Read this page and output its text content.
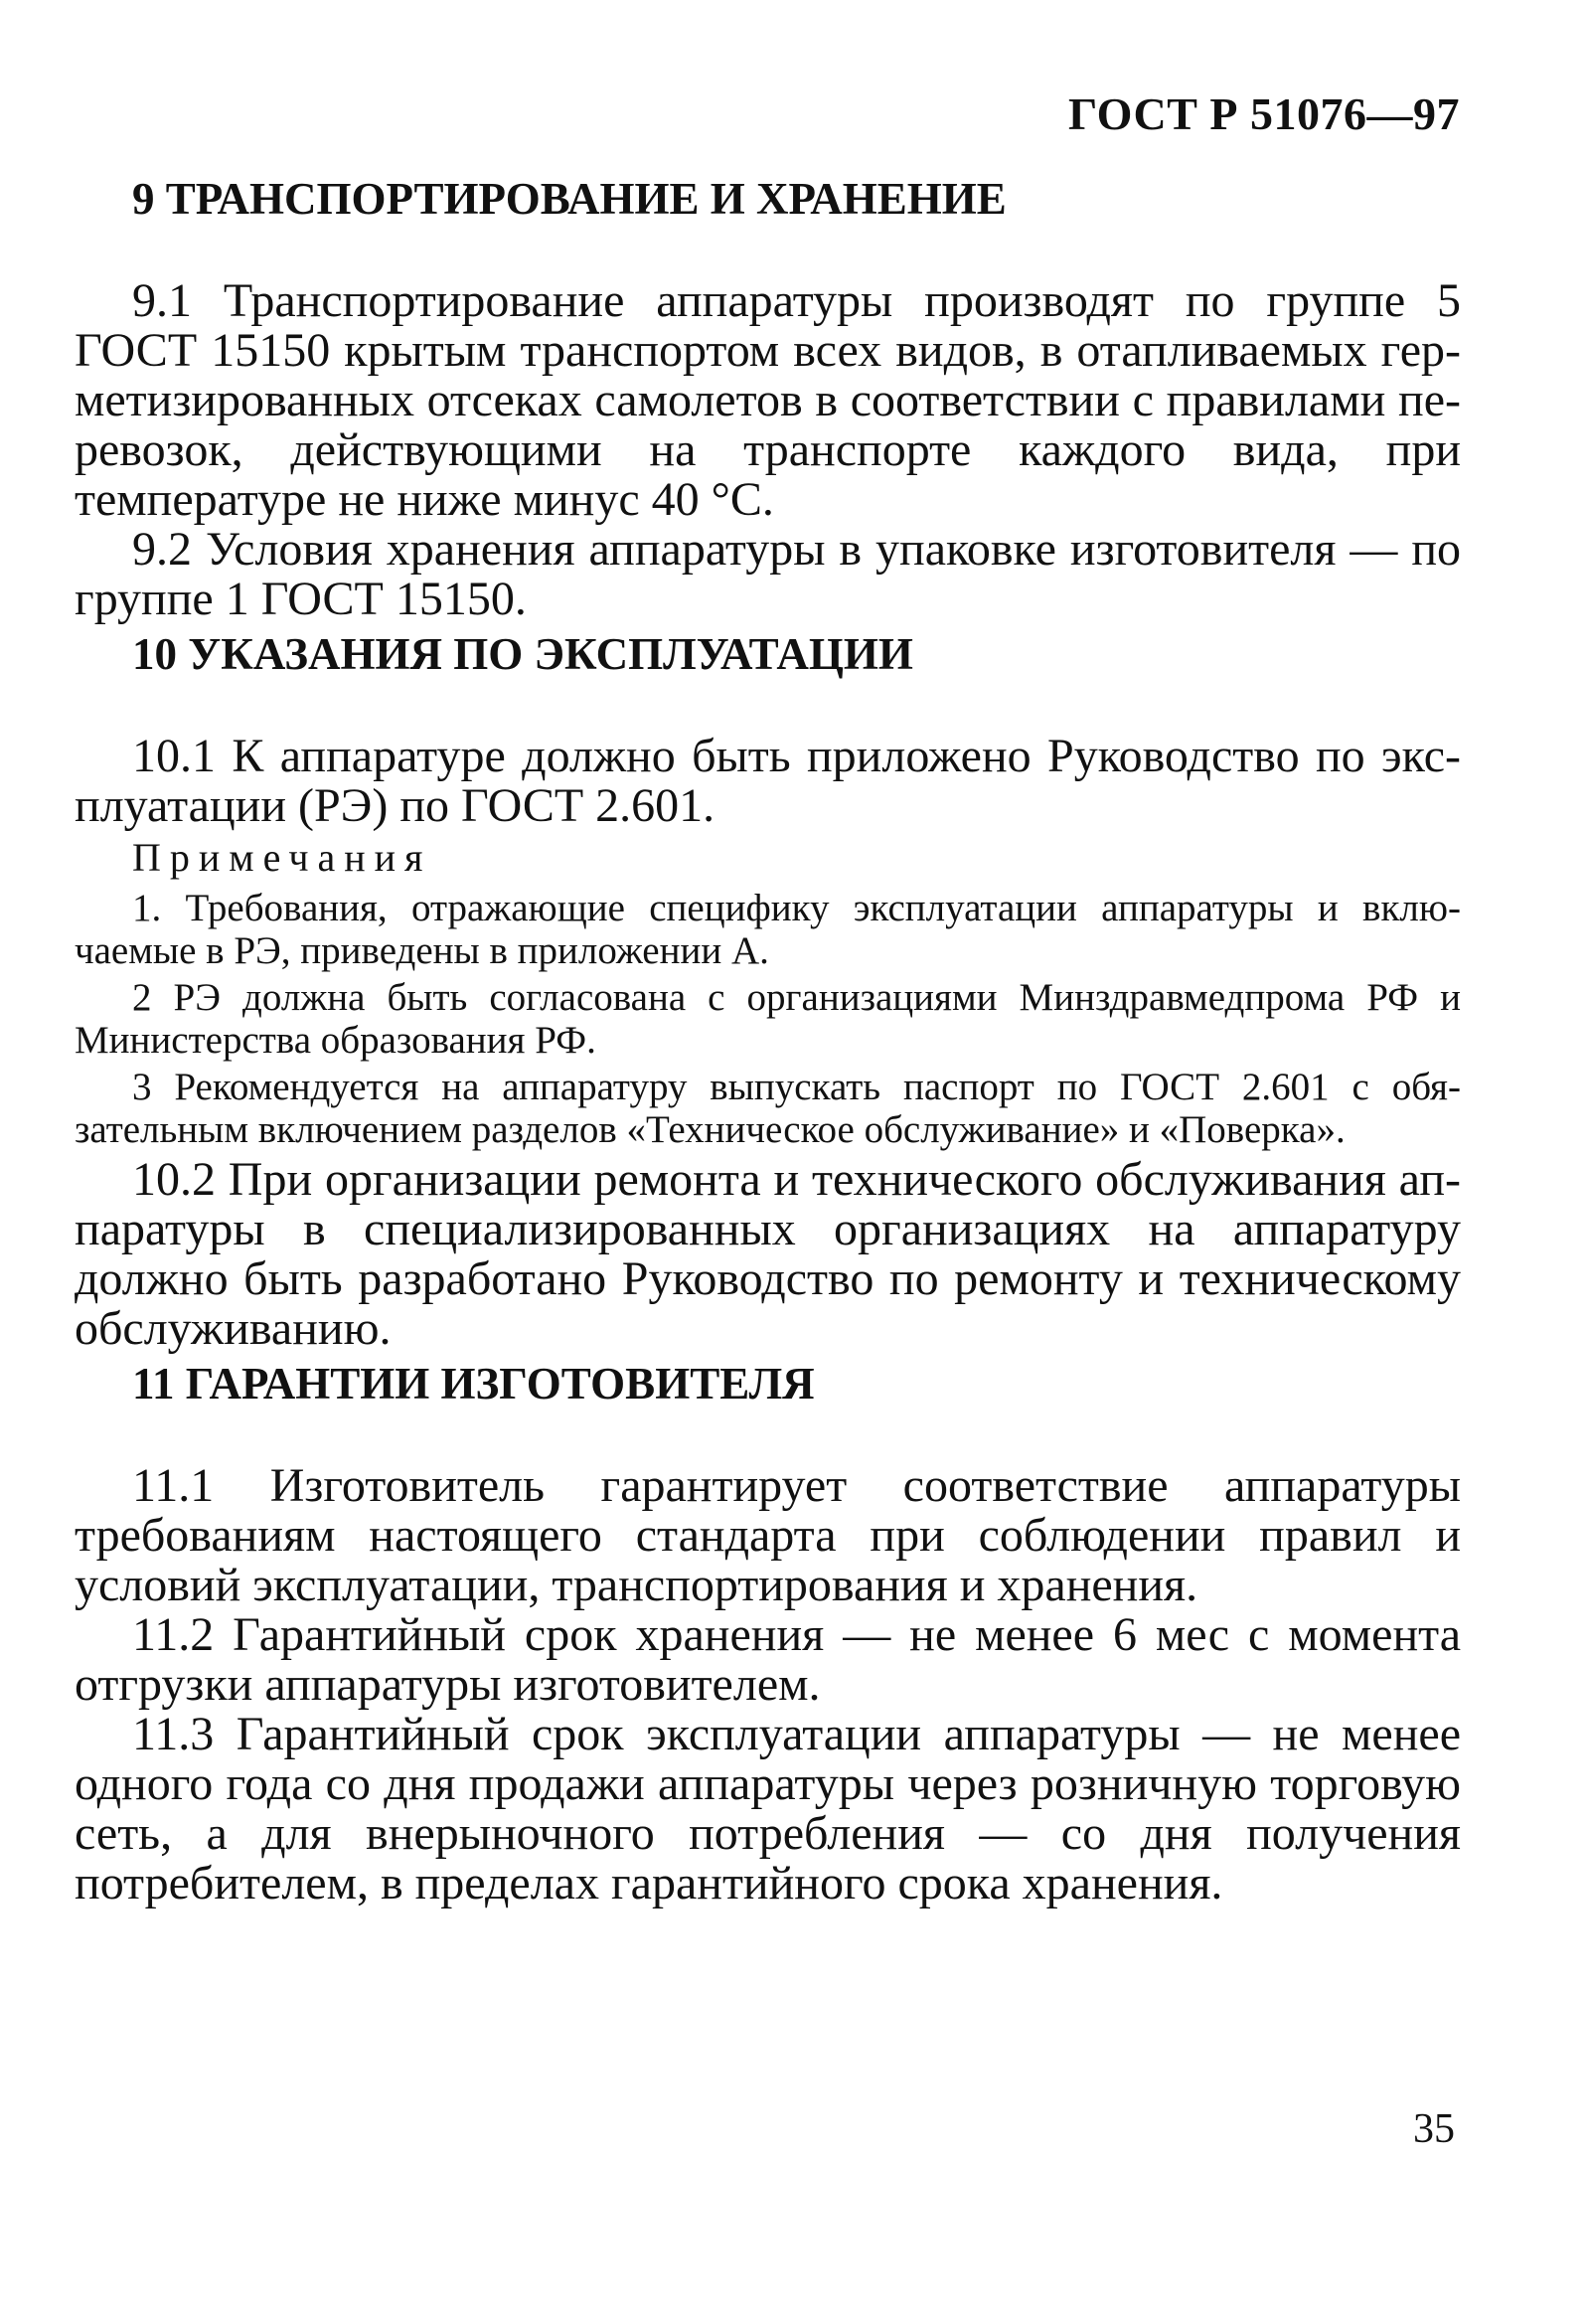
ГОСТ Р 51076—97
9 ТРАНСПОРТИРОВАНИЕ И ХРАНЕНИЕ

9.1 Транспортирование аппаратуры производят по группе 5 ГОСТ 15150 крытым транспортом всех видов, в отапливаемых герметизированных отсеках самолетов в соответствии с правилами перевозок, действующими на транспорте каждого вида, при температуре не ниже минус 40 °С.

9.2 Условия хранения аппаратуры в упаковке изготовителя — по группе 1 ГОСТ 15150.

10 УКАЗАНИЯ ПО ЭКСПЛУАТАЦИИ

10.1 К аппаратуре должно быть приложено Руководство по эксплуатации (РЭ) по ГОСТ 2.601.

Примечания

1. Требования, отражающие специфику эксплуатации аппаратуры и включаемые в РЭ, приведены в приложении А.

2 РЭ должна быть согласована с организациями Минздравмедпрома РФ и Министерства образования РФ.

3 Рекомендуется на аппаратуру выпускать паспорт по ГОСТ 2.601 с обязательным включением разделов «Техническое обслуживание» и «Поверка».

10.2 При организации ремонта и технического обслуживания аппаратуры в специализированных организациях на аппаратуру должно быть разработано Руководство по ремонту и техническому обслуживанию.

11 ГАРАНТИИ ИЗГОТОВИТЕЛЯ

11.1 Изготовитель гарантирует соответствие аппаратуры требованиям настоящего стандарта при соблюдении правил и условий эксплуатации, транспортирования и хранения.

11.2 Гарантийный срок хранения — не менее 6 мес с момента отгрузки аппаратуры изготовителем.

11.3 Гарантийный срок эксплуатации аппаратуры — не менее одного года со дня продажи аппаратуры через розничную торговую сеть, а для внерыночного потребления — со дня получения потребителем, в пределах гарантийного срока хранения.

35
